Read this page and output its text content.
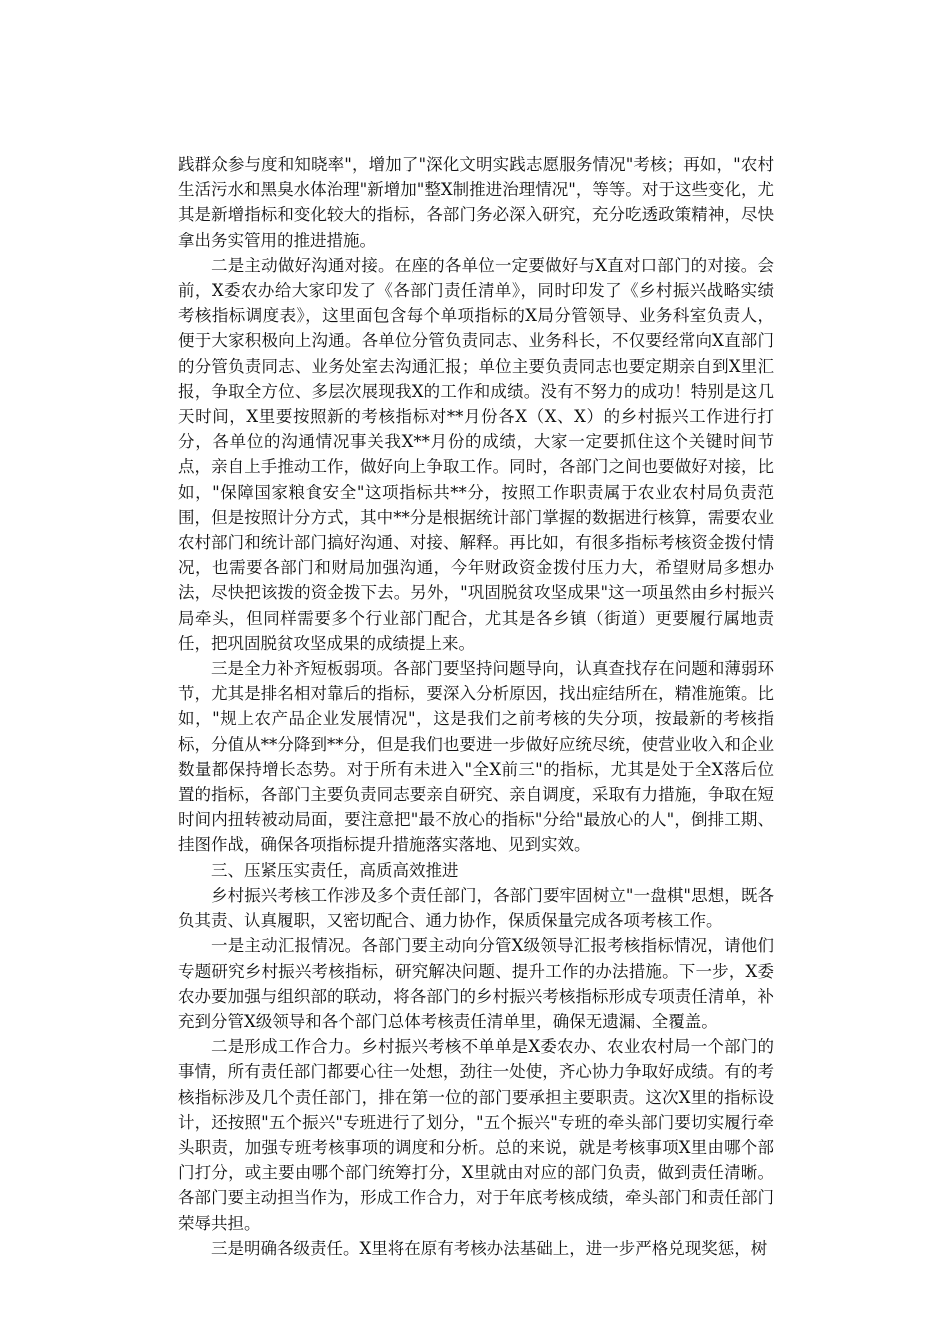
践群众参与度和知晓率"，增加了"深化文明实践志愿服务情况"考核；再如，"农村生活污水和黑臭水体治理"新增加"整X制推进治理情况"，等等。对于这些变化，尤其是新增指标和变化较大的指标，各部门务必深入研究，充分吃透政策精神，尽快拿出务实管用的推进措施。

二是主动做好沟通对接。在座的各单位一定要做好与X直对口部门的对接。会前，X委农办给大家印发了《各部门责任清单》，同时印发了《乡村振兴战略实绩考核指标调度表》，这里面包含每个单项指标的X局分管领导、业务科室负责人，便于大家积极向上沟通。各单位分管负责同志、业务科长，不仅要经常向X直部门的分管负责同志、业务处室去沟通汇报；单位主要负责同志也要定期亲自到X里汇报，争取全方位、多层次展现我X的工作和成绩。没有不努力的成功！特别是这几天时间，X里要按照新的考核指标对**月份各X（X、X）的乡村振兴工作进行打分，各单位的沟通情况事关我X**月份的成绩，大家一定要抓住这个关键时间节点，亲自上手推动工作，做好向上争取工作。同时，各部门之间也要做好对接，比如，"保障国家粮食安全"这项指标共**分，按照工作职责属于农业农村局负责范围，但是按照计分方式，其中**分是根据统计部门掌握的数据进行核算，需要农业农村部门和统计部门搞好沟通、对接、解释。再比如，有很多指标考核资金拨付情况，也需要各部门和财局加强沟通，今年财政资金拨付压力大，希望财局多想办法，尽快把该拨的资金拨下去。另外，"巩固脱贫攻坚成果"这一项虽然由乡村振兴局牵头，但同样需要多个行业部门配合，尤其是各乡镇（街道）更要履行属地责任，把巩固脱贫攻坚成果的成绩提上来。

三是全力补齐短板弱项。各部门要坚持问题导向，认真查找存在问题和薄弱环节，尤其是排名相对靠后的指标，要深入分析原因，找出症结所在，精准施策。比如，"规上农产品企业发展情况"，这是我们之前考核的失分项，按最新的考核指标，分值从**分降到**分，但是我们也要进一步做好应统尽统，使营业收入和企业数量都保持增长态势。对于所有未进入"全X前三"的指标，尤其是处于全X落后位置的指标，各部门主要负责同志要亲自研究、亲自调度，采取有力措施，争取在短时间内扭转被动局面，要注意把"最不放心的指标"分给"最放心的人"，倒排工期、挂图作战，确保各项指标提升措施落实落地、见到实效。

三、压紧压实责任，高质高效推进

乡村振兴考核工作涉及多个责任部门，各部门要牢固树立"一盘棋"思想，既各负其责、认真履职，又密切配合、通力协作，保质保量完成各项考核工作。

一是主动汇报情况。各部门要主动向分管X级领导汇报考核指标情况，请他们专题研究乡村振兴考核指标，研究解决问题、提升工作的办法措施。下一步，X委农办要加强与组织部的联动，将各部门的乡村振兴考核指标形成专项责任清单，补充到分管X级领导和各个部门总体考核责任清单里，确保无遗漏、全覆盖。

二是形成工作合力。乡村振兴考核不单单是X委农办、农业农村局一个部门的事情，所有责任部门都要心往一处想，劲往一处使，齐心协力争取好成绩。有的考核指标涉及几个责任部门，排在第一位的部门要承担主要职责。这次X里的指标设计，还按照"五个振兴"专班进行了划分，"五个振兴"专班的牵头部门要切实履行牵头职责，加强专班考核事项的调度和分析。总的来说，就是考核事项X里由哪个部门打分，或主要由哪个部门统筹打分，X里就由对应的部门负责，做到责任清晰。各部门要主动担当作为，形成工作合力，对于年底考核成绩，牵头部门和责任部门荣辱共担。

三是明确各级责任。X里将在原有考核办法基础上，进一步严格兑现奖惩，树
